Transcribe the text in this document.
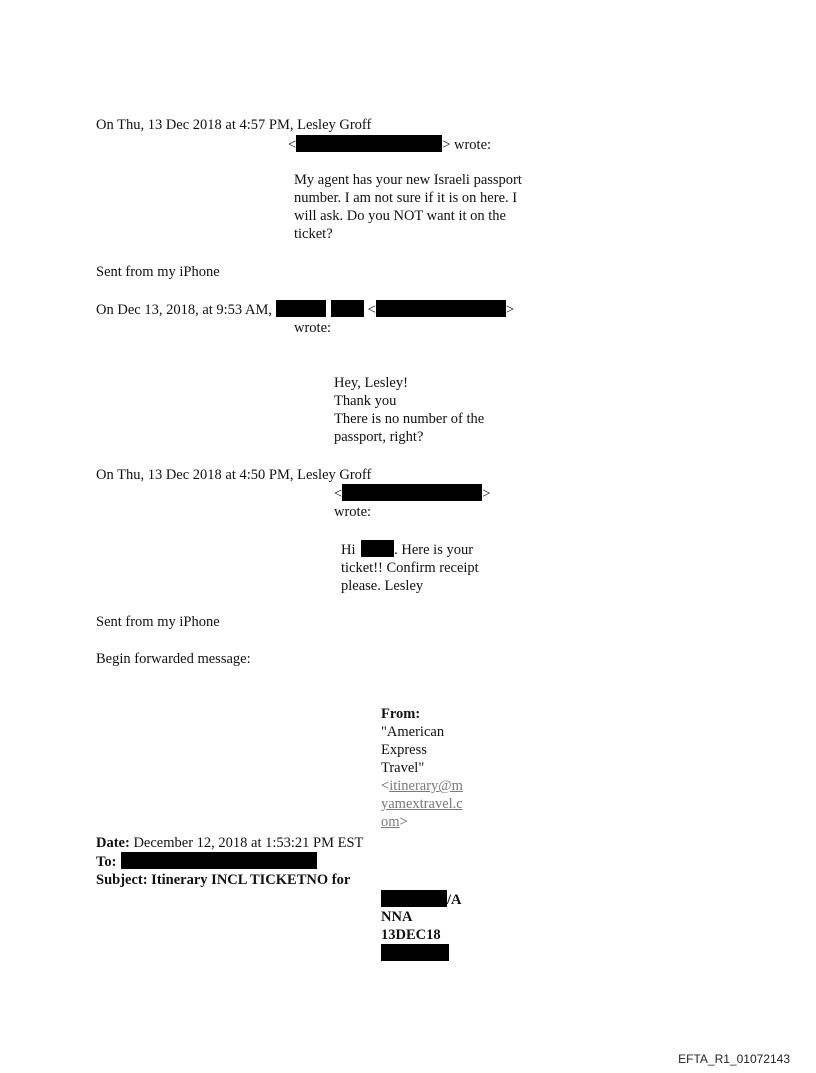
On Thu, 13 Dec 2018 at 4:57 PM, Lesley Groff
<	> wrote:
My agent has your new Israeli passport
number. I am not sure if it is on here. I
will ask. Do you NOT want it on the
ticket?
Sent from my iPhone
On Dec 13, 2018, at 9:53 AM,	<	>
wrote:
Hey, Lesley!
Thank you
There is no number of the
passport, right?
On Thu, 13 Dec 2018 at 4:50 PM, Lesley Groff
<	>
wrote:
Hi	. Here is your
ticket!! Confirm receipt
please. Lesley
Sent from my iPhone
Begin forwarded message:
From:
"American
Express
Travel"
<itinerary@m
yamextravel.c
om>
Date: December 12, 2018 at 1:53:21 PM EST
To:
Subject: Itinerary INCL TICKETNO for
/A
NNA
13DEC18
EFTA_R1_01072143
